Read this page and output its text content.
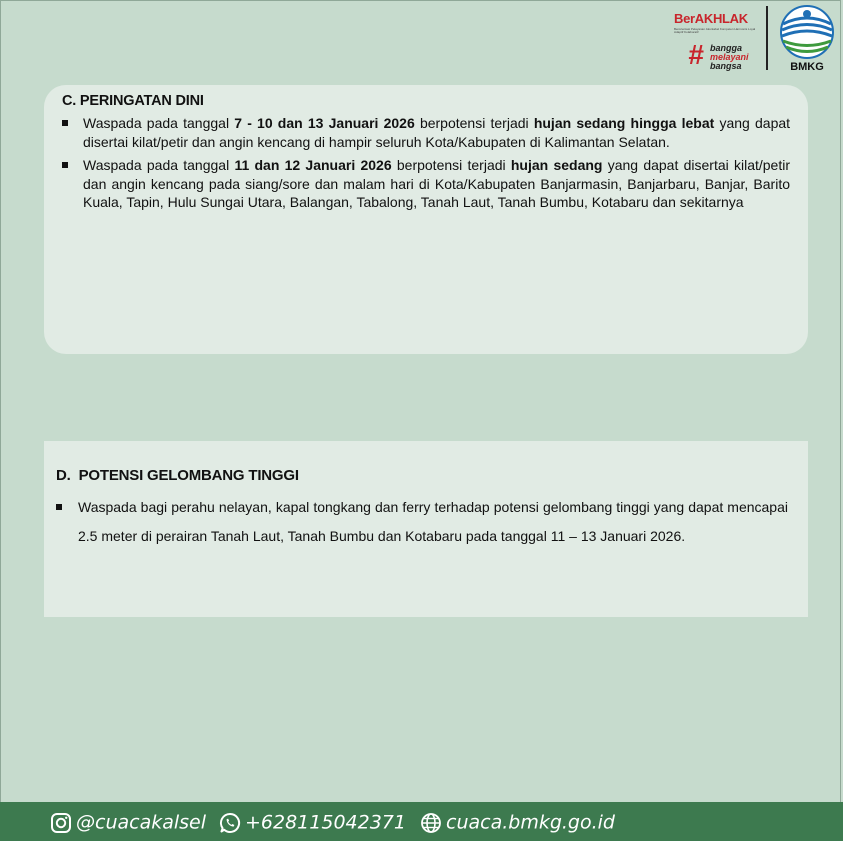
BerAKHLAK
Berorientasi Pelayanan Akuntabel Kompeten Harmonis Loyal Adaptif Kolaboratif
# bangga
melayani
bangsa	BMKG
C. PERINGATAN DINI
Waspada pada tanggal 7 - 10 dan 13 Januari 2026 berpotensi terjadi hujan sedang hingga lebat yang dapat disertai kilat/petir dan angin kencang di hampir seluruh Kota/Kabupaten di Kalimantan Selatan.
Waspada pada tanggal 11 dan 12 Januari 2026 berpotensi terjadi hujan sedang yang dapat disertai kilat/petir dan angin kencang pada siang/sore dan malam hari di Kota/Kabupaten Banjarmasin, Banjarbaru, Banjar, Barito Kuala, Tapin, Hulu Sungai Utara, Balangan, Tabalong, Tanah Laut, Tanah Bumbu, Kotabaru dan sekitarnya
D. POTENSI GELOMBANG TINGGI
Waspada bagi perahu nelayan, kapal tongkang dan ferry terhadap potensi gelombang tinggi yang dapat mencapai 2.5 meter di perairan Tanah Laut, Tanah Bumbu dan Kotabaru pada tanggal 11 – 13 Januari 2026.
@cuacakalsel	+628115042371	cuaca.bmkg.go.id
